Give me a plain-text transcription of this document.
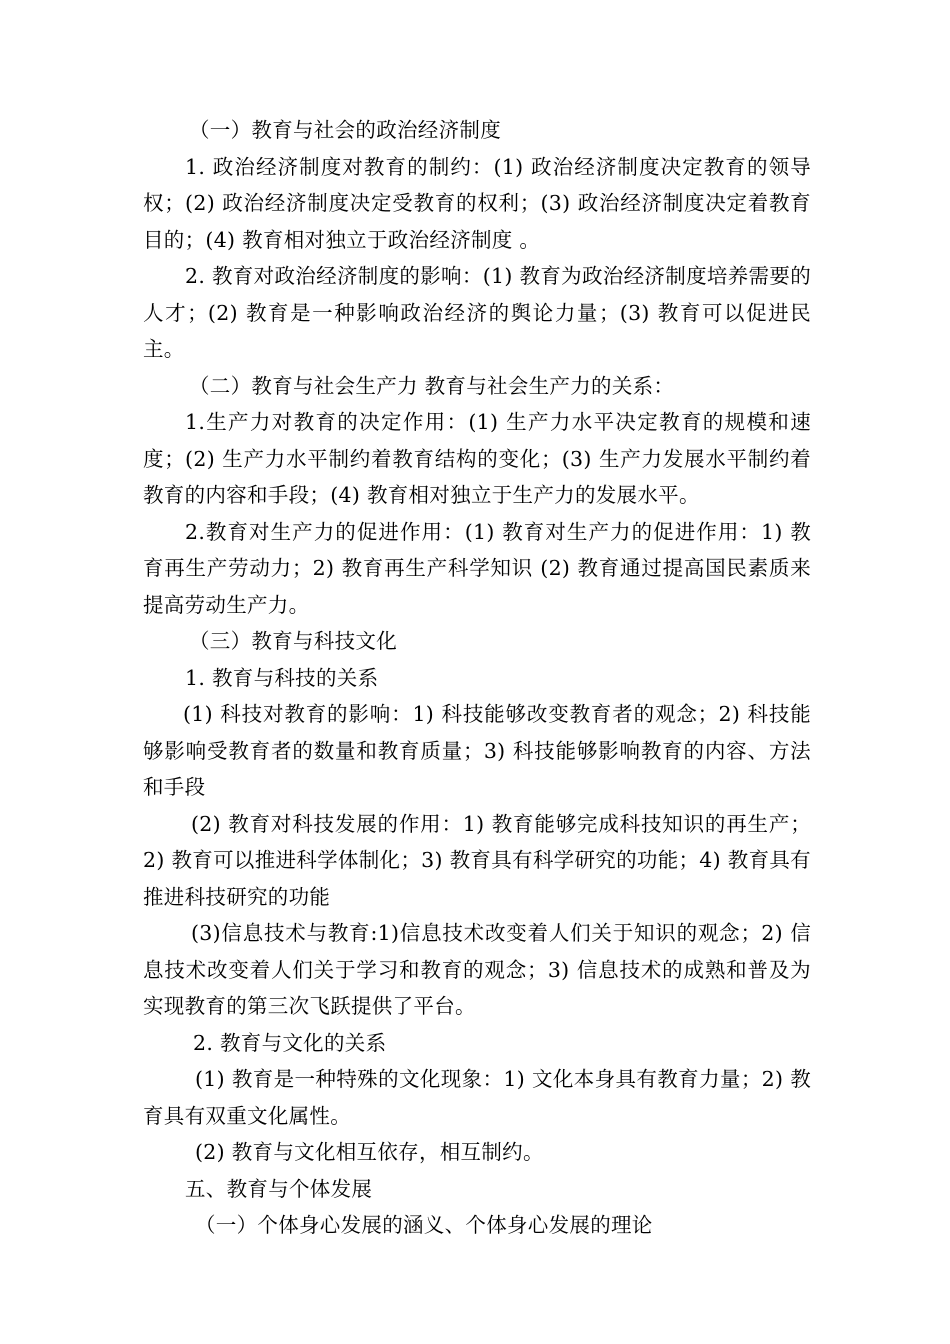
（一）教育与社会的政治经济制度

1. 政治经济制度对教育的制约：(1) 政治经济制度决定教育的领导权；(2) 政治经济制度决定受教育的权利；(3) 政治经济制度决定着教育目的；(4) 教育相对独立于政治经济制度 。

2. 教育对政治经济制度的影响：(1) 教育为政治经济制度培养需要的人才；(2) 教育是一种影响政治经济的舆论力量；(3) 教育可以促进民主。

（二）教育与社会生产力 教育与社会生产力的关系：

1.生产力对教育的决定作用：(1) 生产力水平决定教育的规模和速度；(2) 生产力水平制约着教育结构的变化；(3) 生产力发展水平制约着教育的内容和手段；(4) 教育相对独立于生产力的发展水平。

2.教育对生产力的促进作用：(1) 教育对生产力的促进作用：1) 教育再生产劳动力；2) 教育再生产科学知识 (2) 教育通过提高国民素质来提高劳动生产力。

（三）教育与科技文化

1. 教育与科技的关系

(1) 科技对教育的影响：1) 科技能够改变教育者的观念；2) 科技能够影响受教育者的数量和教育质量；3) 科技能够影响教育的内容、方法和手段

(2) 教育对科技发展的作用：1) 教育能够完成科技知识的再生产；2) 教育可以推进科学体制化；3) 教育具有科学研究的功能；4) 教育具有推进科技研究的功能

(3)信息技术与教育:1)信息技术改变着人们关于知识的观念；2) 信息技术改变着人们关于学习和教育的观念；3) 信息技术的成熟和普及为实现教育的第三次飞跃提供了平台。

2. 教育与文化的关系

(1) 教育是一种特殊的文化现象：1) 文化本身具有教育力量；2) 教育具有双重文化属性。

(2) 教育与文化相互依存，相互制约。

五、教育与个体发展

（一）个体身心发展的涵义、个体身心发展的理论
